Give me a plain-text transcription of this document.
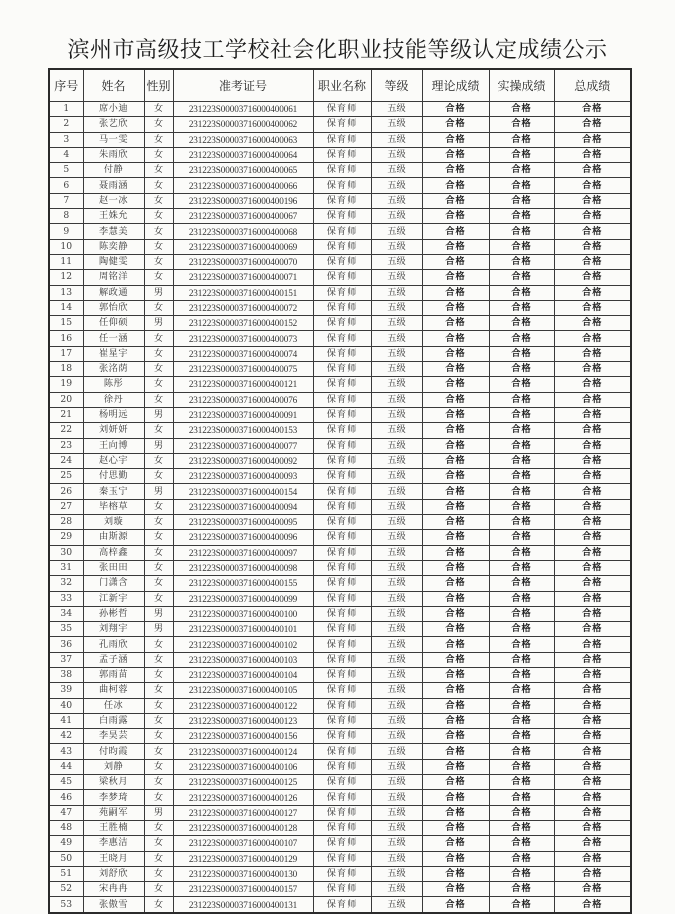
滨州市高级技工学校社会化职业技能等级认定成绩公示
序号	姓名	性别	准考证号	职业名称	等级	理论成绩	实操成绩	总成绩
1	席小迪	女	231223S00003716000400061	保育师	五级	合格	合格	合格
2	张艺欣	女	231223S00003716000400062	保育师	五级	合格	合格	合格
3	马一雯	女	231223S00003716000400063	保育师	五级	合格	合格	合格
4	朱雨欣	女	231223S00003716000400064	保育师	五级	合格	合格	合格
5	付静	女	231223S00003716000400065	保育师	五级	合格	合格	合格
6	聂雨涵	女	231223S00003716000400066	保育师	五级	合格	合格	合格
7	赵一冰	女	231223S00003716000400196	保育师	五级	合格	合格	合格
8	王姝允	女	231223S00003716000400067	保育师	五级	合格	合格	合格
9	李慧美	女	231223S00003716000400068	保育师	五级	合格	合格	合格
10	陈奕静	女	231223S00003716000400069	保育师	五级	合格	合格	合格
11	陶健雯	女	231223S00003716000400070	保育师	五级	合格	合格	合格
12	周铭洋	女	231223S00003716000400071	保育师	五级	合格	合格	合格
13	解政通	男	231223S00003716000400151	保育师	五级	合格	合格	合格
14	郭怡欣	女	231223S00003716000400072	保育师	五级	合格	合格	合格
15	任仰硕	男	231223S00003716000400152	保育师	五级	合格	合格	合格
16	任一涵	女	231223S00003716000400073	保育师	五级	合格	合格	合格
17	崔星宇	女	231223S00003716000400074	保育师	五级	合格	合格	合格
18	张洺荫	女	231223S00003716000400075	保育师	五级	合格	合格	合格
19	陈彤	女	231223S00003716000400121	保育师	五级	合格	合格	合格
20	徐丹	女	231223S00003716000400076	保育师	五级	合格	合格	合格
21	杨明远	男	231223S00003716000400091	保育师	五级	合格	合格	合格
22	刘妍妍	女	231223S00003716000400153	保育师	五级	合格	合格	合格
23	王向博	男	231223S00003716000400077	保育师	五级	合格	合格	合格
24	赵心宇	女	231223S00003716000400092	保育师	五级	合格	合格	合格
25	付思勤	女	231223S00003716000400093	保育师	五级	合格	合格	合格
26	秦玉宁	男	231223S00003716000400154	保育师	五级	合格	合格	合格
27	毕榕草	女	231223S00003716000400094	保育师	五级	合格	合格	合格
28	刘璇	女	231223S00003716000400095	保育师	五级	合格	合格	合格
29	由斯源	女	231223S00003716000400096	保育师	五级	合格	合格	合格
30	高梓鑫	女	231223S00003716000400097	保育师	五级	合格	合格	合格
31	张田田	女	231223S00003716000400098	保育师	五级	合格	合格	合格
32	门潇含	女	231223S00003716000400155	保育师	五级	合格	合格	合格
33	江新宇	女	231223S00003716000400099	保育师	五级	合格	合格	合格
34	孙彬哲	男	231223S00003716000400100	保育师	五级	合格	合格	合格
35	刘翔宇	男	231223S00003716000400101	保育师	五级	合格	合格	合格
36	孔雨欣	女	231223S00003716000400102	保育师	五级	合格	合格	合格
37	孟子涵	女	231223S00003716000400103	保育师	五级	合格	合格	合格
38	郭雨苗	女	231223S00003716000400104	保育师	五级	合格	合格	合格
39	曲柯蓉	女	231223S00003716000400105	保育师	五级	合格	合格	合格
40	任冰	女	231223S00003716000400122	保育师	五级	合格	合格	合格
41	白雨露	女	231223S00003716000400123	保育师	五级	合格	合格	合格
42	李昊芸	女	231223S00003716000400156	保育师	五级	合格	合格	合格
43	付昀霞	女	231223S00003716000400124	保育师	五级	合格	合格	合格
44	刘静	女	231223S00003716000400106	保育师	五级	合格	合格	合格
45	梁秋月	女	231223S00003716000400125	保育师	五级	合格	合格	合格
46	李梦琦	女	231223S00003716000400126	保育师	五级	合格	合格	合格
47	苑嗣军	男	231223S00003716000400127	保育师	五级	合格	合格	合格
48	王胜楠	女	231223S00003716000400128	保育师	五级	合格	合格	合格
49	李惠洁	女	231223S00003716000400107	保育师	五级	合格	合格	合格
50	王晓月	女	231223S00003716000400129	保育师	五级	合格	合格	合格
51	刘舒欣	女	231223S00003716000400130	保育师	五级	合格	合格	合格
52	宋冉冉	女	231223S00003716000400157	保育师	五级	合格	合格	合格
53	张傲雪	女	231223S00003716000400131	保育师	五级	合格	合格	合格
